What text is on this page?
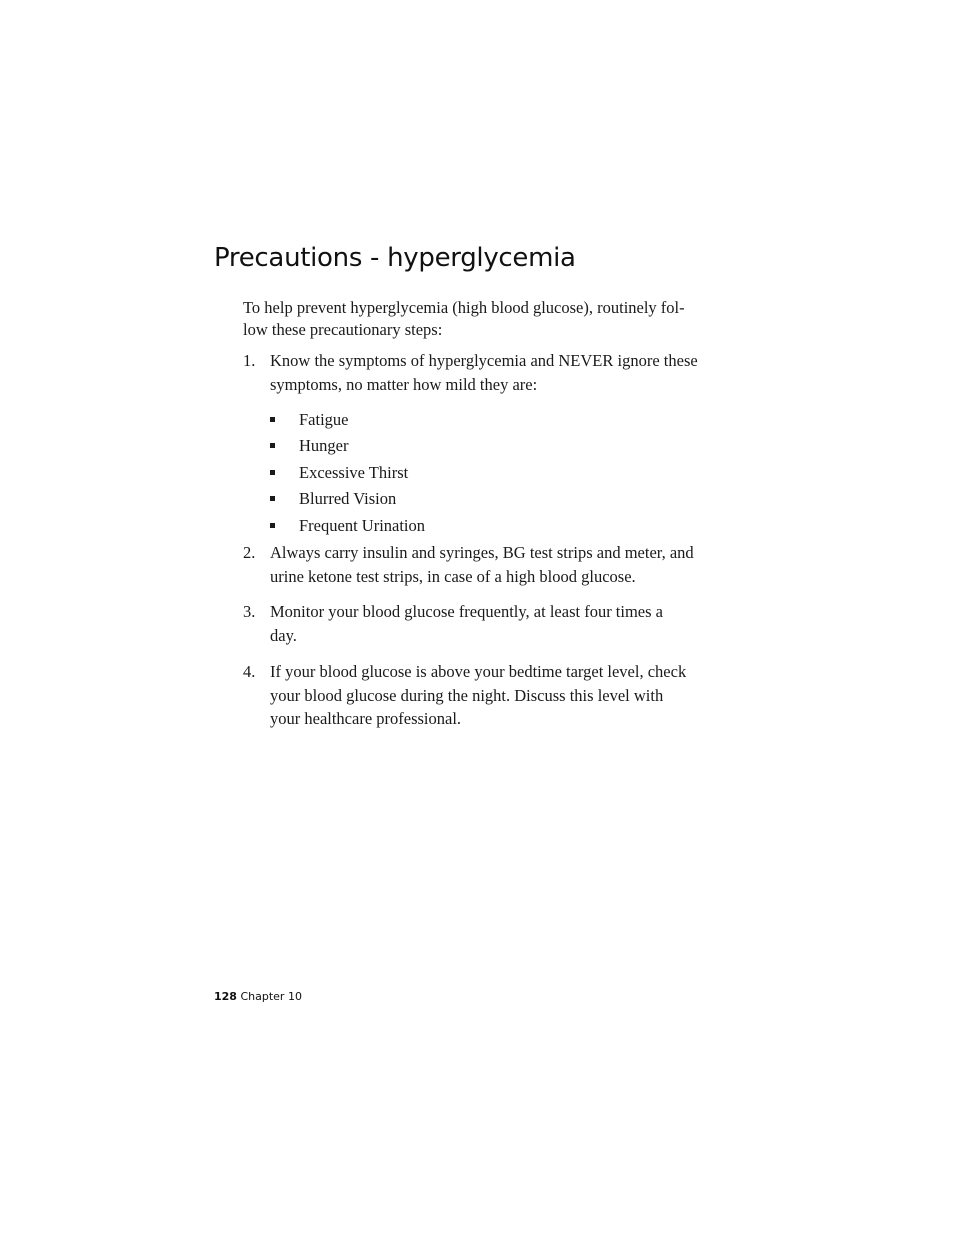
Precautions - hyperglycemia

To help prevent hyperglycemia (high blood glucose), routinely fol-
low these precautionary steps:

1. Know the symptoms of hyperglycemia and NEVER ignore these
symptoms, no matter how mild they are:
Fatigue
Hunger
Excessive Thirst
Blurred Vision
Frequent Urination
2. Always carry insulin and syringes, BG test strips and meter, and
urine ketone test strips, in case of a high blood glucose.
3. Monitor your blood glucose frequently, at least four times a
day.
4. If your blood glucose is above your bedtime target level, check
your blood glucose during the night. Discuss this level with
your healthcare professional.
128 Chapter 10
